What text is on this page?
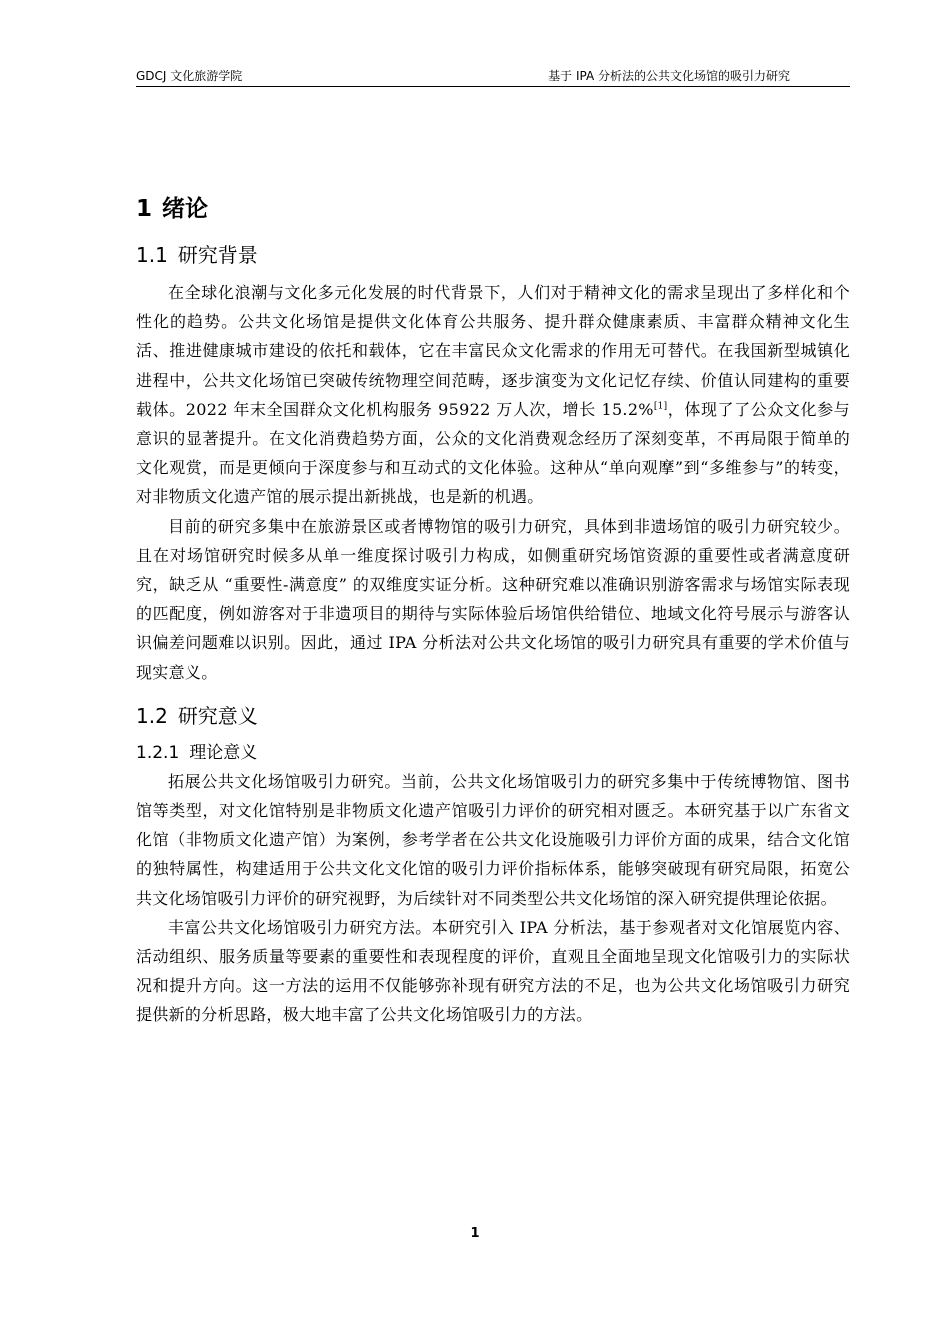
GDCJ 文化旅游学院	基于 IPA 分析法的公共文化场馆的吸引力研究
1 绪论
1.1 研究背景

在全球化浪潮与文化多元化发展的时代背景下，人们对于精神文化的需求呈现出了多样化和个性化的趋势。公共文化场馆是提供文化体育公共服务、提升群众健康素质、丰富群众精神文化生活、推进健康城市建设的依托和载体，它在丰富民众文化需求的作用无可替代。在我国新型城镇化进程中，公共文化场馆已突破传统物理空间范畴，逐步演变为文化记忆存续、价值认同建构的重要载体。2022 年末全国群众文化机构服务 95922 万人次，增长 15.2%[1]，体现了了公众文化参与意识的显著提升。在文化消费趋势方面，公众的文化消费观念经历了深刻变革，不再局限于简单的文化观赏，而是更倾向于深度参与和互动式的文化体验。这种从“单向观摩”到“多维参与”的转变，对非物质文化遗产馆的展示提出新挑战，也是新的机遇。

目前的研究多集中在旅游景区或者博物馆的吸引力研究，具体到非遗场馆的吸引力研究较少。且在对场馆研究时候多从单一维度探讨吸引力构成，如侧重研究场馆资源的重要性或者满意度研究，缺乏从 “重要性-满意度” 的双维度实证分析。这种研究难以准确识别游客需求与场馆实际表现的匹配度，例如游客对于非遗项目的期待与实际体验后场馆供给错位、地域文化符号展示与游客认识偏差问题难以识别。因此，通过 IPA 分析法对公共文化场馆的吸引力研究具有重要的学术价值与现实意义。

1.2 研究意义
1.2.1 理论意义

拓展公共文化场馆吸引力研究。当前，公共文化场馆吸引力的研究多集中于传统博物馆、图书馆等类型，对文化馆特别是非物质文化遗产馆吸引力评价的研究相对匮乏。本研究基于以广东省文化馆（非物质文化遗产馆）为案例，参考学者在公共文化设施吸引力评价方面的成果，结合文化馆的独特属性，构建适用于公共文化文化馆的吸引力评价指标体系，能够突破现有研究局限，拓宽公共文化场馆吸引力评价的研究视野，为后续针对不同类型公共文化场馆的深入研究提供理论依据。

丰富公共文化场馆吸引力研究方法。本研究引入 IPA 分析法，基于参观者对文化馆展览内容、活动组织、服务质量等要素的重要性和表现程度的评价，直观且全面地呈现文化馆吸引力的实际状况和提升方向。这一方法的运用不仅能够弥补现有研究方法的不足，也为公共文化场馆吸引力研究提供新的分析思路，极大地丰富了公共文化场馆吸引力的方法。

1
